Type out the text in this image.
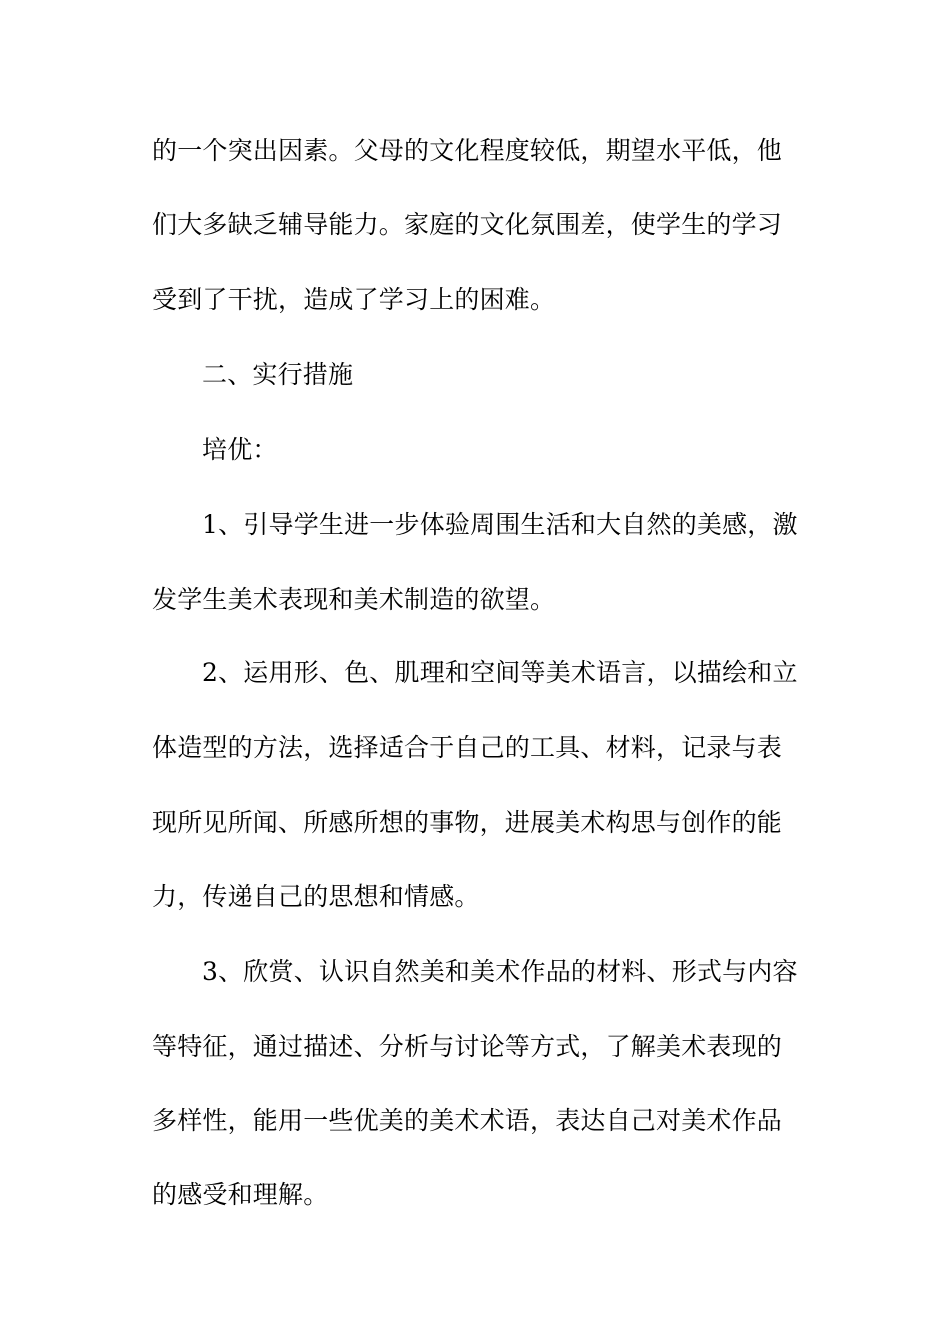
的一个突出因素。父母的文化程度较低，期望水平低，他
们大多缺乏辅导能力。家庭的文化氛围差，使学生的学习
受到了干扰，造成了学习上的困难。
二、实行措施
培优：
1、引导学生进一步体验周围生活和大自然的美感，激
发学生美术表现和美术制造的欲望。
2、运用形、色、肌理和空间等美术语言，以描绘和立
体造型的方法，选择适合于自己的工具、材料，记录与表
现所见所闻、所感所想的事物，进展美术构思与创作的能
力，传递自己的思想和情感。
3、欣赏、认识自然美和美术作品的材料、形式与内容
等特征，通过描述、分析与讨论等方式，了解美术表现的
多样性，能用一些优美的美术术语，表达自己对美术作品
的感受和理解。
